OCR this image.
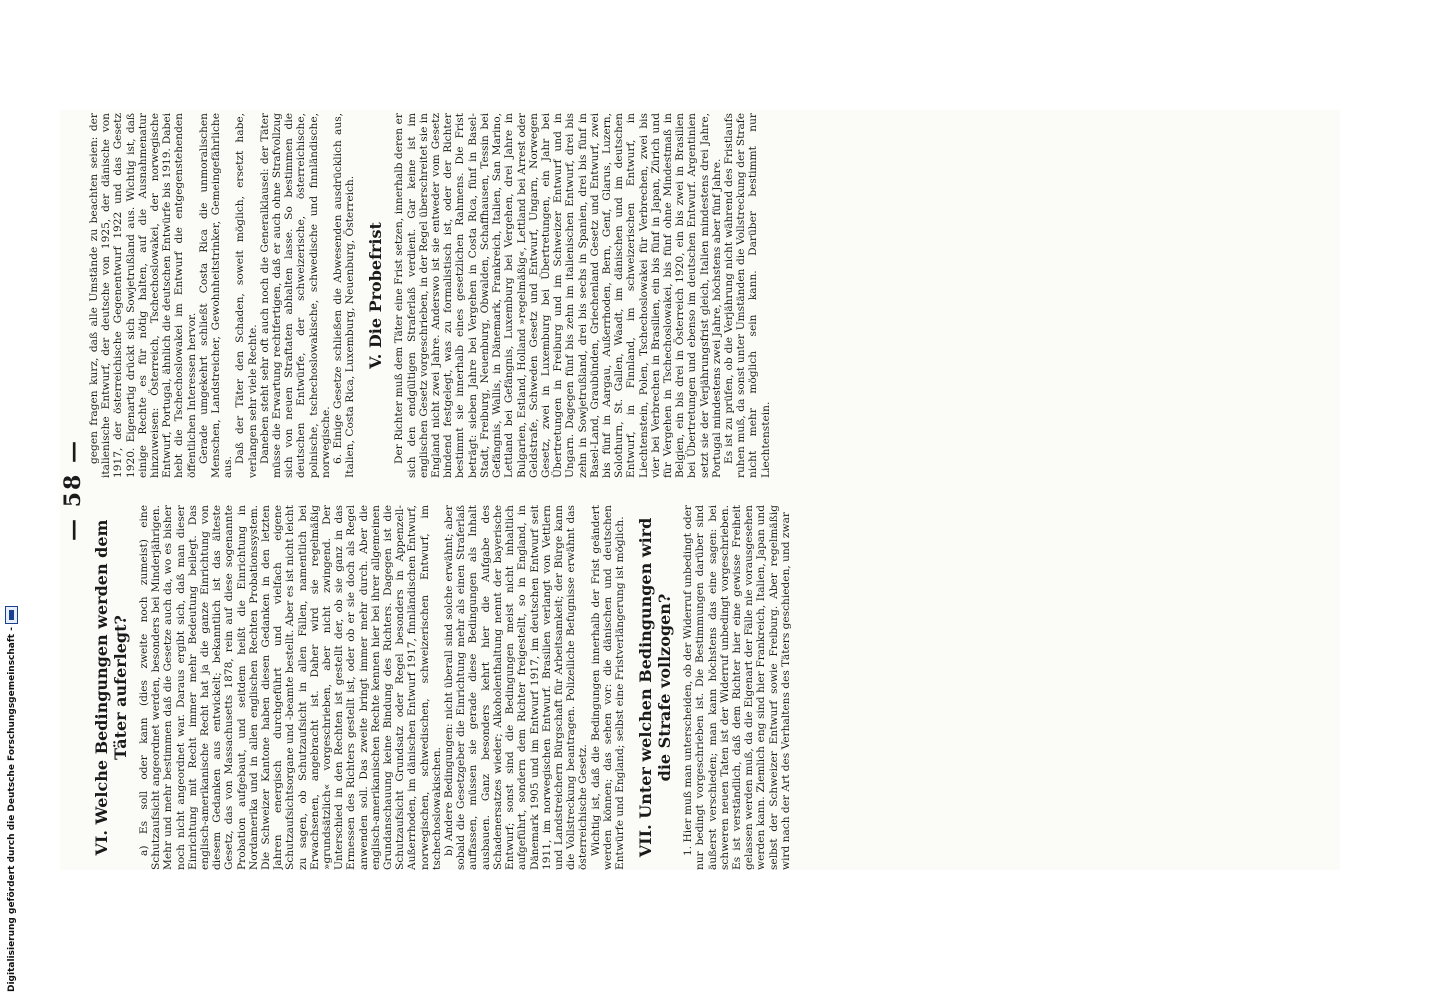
— 58 —
VI. Welche Bedingungen werden dem Täter auferlegt? a) Es soll oder kann (dies zweite noch zumeist) eine Schutzaufsicht angeordnet werden, besonders bei Minderjährigen. Mehr und mehr bestimmen daß die Gesetze auch da, wo es bisher noch nicht angeordnet war. Daraus ergibt sich, daß man dieser Einrichtung mit Recht immer mehr Bedeutung beilegt. Das englisch-amerikanische Recht hat ja die ganze Einrichtung von diesem Gedanken aus entwickelt; bekanntlich ist das älteste Gesetz, das von Massachusetts 1878, rein auf diese sogenannte Probation aufgebaut, und seitdem heißt die Einrichtung in Nordamerika und in allen englischen Rechten Probationssystem. Die Schweizer Kantone haben diesen Gedanken in den letzten Jahren energisch durchgeführt und vielfach eigene Schutzaufsichtsorgane und -beamte bestellt. Aber es ist nicht leicht zu sagen, ob Schutzaufsicht in allen Fällen, namentlich bei Erwachsenen, angebracht ist. Daher wird sie regelmäßig »grundsätzlich« vorgeschrieben, aber nicht zwingend. Der Unterschied in den Rechten ist gestellt der, ob sie ganz in das Ermessen des Richters gestellt ist, oder ob er sie doch als Regel anwenden soll. Das zweite bringt immer mehr durch. Aber die englisch-amerikanischen Rechte kennen hier bei ihrer allgemeinen Grundanschauung keine Bindung des Richters. Dagegen ist die Schutzaufsicht Grundsatz oder Regel besonders in Appenzell-Außerrhoden, im dänischen Entwurf 1917, finnländischen Entwurf, norwegischen, schwedischen, schweizerischen Entwurf, im tschechoslowakischen. b) Andere Bedingungen: nicht überall sind solche erwähnt; aber sobald die Gesetzgeber die Einrichtung mehr als einen Straferlaß auffassen, müssen sie gerade diese Bedingungen als Inhalt ausbauen. Ganz besonders kehrt hier die Aufgabe des Schadenersatzes wieder; Alkoholenthaltung nennt der bayerische Entwurf; sonst sind die Bedingungen meist nicht inhaltlich aufgeführt, sondern dem Richter freigestellt, so in England, in Dänemark 1905 und im Entwurf 1917, im deutschen Entwurf seit 1911, im norwegischen Entwurf. Brasilien verlangt von Vettlern und Landstreichern Bürgschaft für Arbeitsamkeit; der Bürge kann die Vollstreckung beantragen. Polizeiliche Befugnisse erwähnt das österreichische Gesetz. Wichtig ist, daß die Bedingungen innerhalb der Frist geändert werden können; das sehen vor: die dänischen und deutschen Entwürfe und England; selbst eine Fristverlängerung ist möglich. VII. Unter welchen Bedingungen wird die Strafe vollzogen? 1. Hier muß man unterscheiden, ob der Widerruf unbedingt oder nur bedingt vorgeschrieben ist. Die Bestimmungen darüber sind äußerst verschieden; man kann höchstens das eine sagen: bei schweren neuen Taten ist der Widerruf unbedingt vorgeschrieben. Es ist verständlich, daß dem Richter hier eine gewisse Freiheit gelassen werden muß, da die Eigenart der Fälle nie vorausgesehen werden kann. Ziemlich eng sind hier Frankreich, Italien, Japan und selbst der Schweizer Entwurf sowie Freiburg. Aber regelmäßig wird nach der Art des Verhaltens des Täters geschieden, und zwar

gegen fragen kurz, daß alle Umstände zu beachten seien: der italienische Entwurf, der deutsche von 1925, der dänische von 1917, der österreichische Gegenentwurf 1922 und das Gesetz 1920. Eigenartig drückt sich Sowjetrußland aus. Wichtig ist, daß einige Rechte es für nötig halten, auf die Ausnahmenatur hinzuweisen: Österreich, Tschechoslowakei, der norwegische Entwurf, Portugal, ähnlich die deutschen Entwürfe bis 1919. Dabei hebt die Tschechoslowakei im Entwurf die entgegenstehenden öffentlichen Interessen hervor. Gerade umgekehrt schließt Costa Rica die unmoralischen Menschen, Landstreicher, Gewohnheitstrinker, Gemeingefährliche aus.

Daß der Täter den Schaden, soweit möglich, ersetzt habe, verlangen sehr viele Rechte. Daneben steht sehr oft auch noch die Generalklausel: der Täter müsse die Erwartung rechtfertigen, daß er auch ohne Strafvollzug sich von neuen Straftaten abhalten lasse. So bestimmen die deutschen Entwürfe, der schweizerische, österreichische, polnische, tschechoslowakische, schwedische und finnländische, norwegische. 6. Einige Gesetze schließen die Abwesenden ausdrücklich aus, Italien, Costa Rica, Luxemburg, Neuenburg, Österreich. V. Die Probefrist Der Richter muß dem Täter eine Frist setzen, innerhalb deren er sich den endgültigen Straferlaß verdient. Gar keine ist im englischen Gesetz vorgeschrieben, in der Regel überschreitet sie in England nicht zwei Jahre. Anderswo ist sie entweder vom Gesetz bindend festgelegt, was zu formalistisch ist, oder der Richter bestimmt sie innerhalb eines gesetzlichen Rahmens. Die Frist beträgt: sieben Jahre bei Vergehen in Costa Rica, fünf in Basel-Stadt, Freiburg, Neuenburg, Obwalden, Schaffhausen, Tessin bei Gefängnis, Wallis, in Dänemark, Frankreich, Italien, San Marino, Lettland bei Gefängnis, Luxemburg bei Vergehen, drei Jahre in Bulgarien, Estland, Holland »regelmäßig«, Lettland bei Arrest oder Geldstrafe, Schweden Gesetz und Entwurf, Ungarn, Norwegen Gesetz, zwei in Luxemburg bei Übertretungen, ein Jahr bei Übertretungen in Freiburg und im Schweizer Entwurf und in Ungarn. Dagegen fünf bis zehn im italienischen Entwurf, drei bis zehn in Sowjetrußland, drei bis sechs in Spanien, drei bis fünf in Basel-Land, Graubünden, Griechenland Gesetz und Entwurf, zwei bis fünf in Aargau, Außerrhoden, Bern, Genf, Glarus, Luzern, Solothurn, St. Gallen, Waadt, im dänischen und im deutschen Entwurf, in Finnland, im schweizerischen Entwurf, in Liechtenstein, Polen, Tschechoslowakei für Verbrechen, zwei bis vier bei Verbrechen in Brasilien, ein bis fünf in Japan, Zürich und für Vergehen in Tschechoslowakei, bis fünf ohne Mindestmaß in Belgien, ein bis drei in Österreich 1920, ein bis zwei in Brasilien bei Übertretungen und ebenso im deutschen Entwurf. Argentinien setzt sie der Verjährungsfrist gleich, Italien mindestens drei Jahre, Portugal mindestens zwei Jahre, höchstens aber fünf Jahre. Es ist zu prüfen, ob die Verjährung nicht während des Fristlaufs ruhen muß, da sonst unter Umständen die Vollstreckung der Strafe nicht mehr möglich sein kann. Darüber bestimmt nur Liechtenstein.

Digitalisierung gefördert durch die Deutsche Forschungsgemeinschaft -
